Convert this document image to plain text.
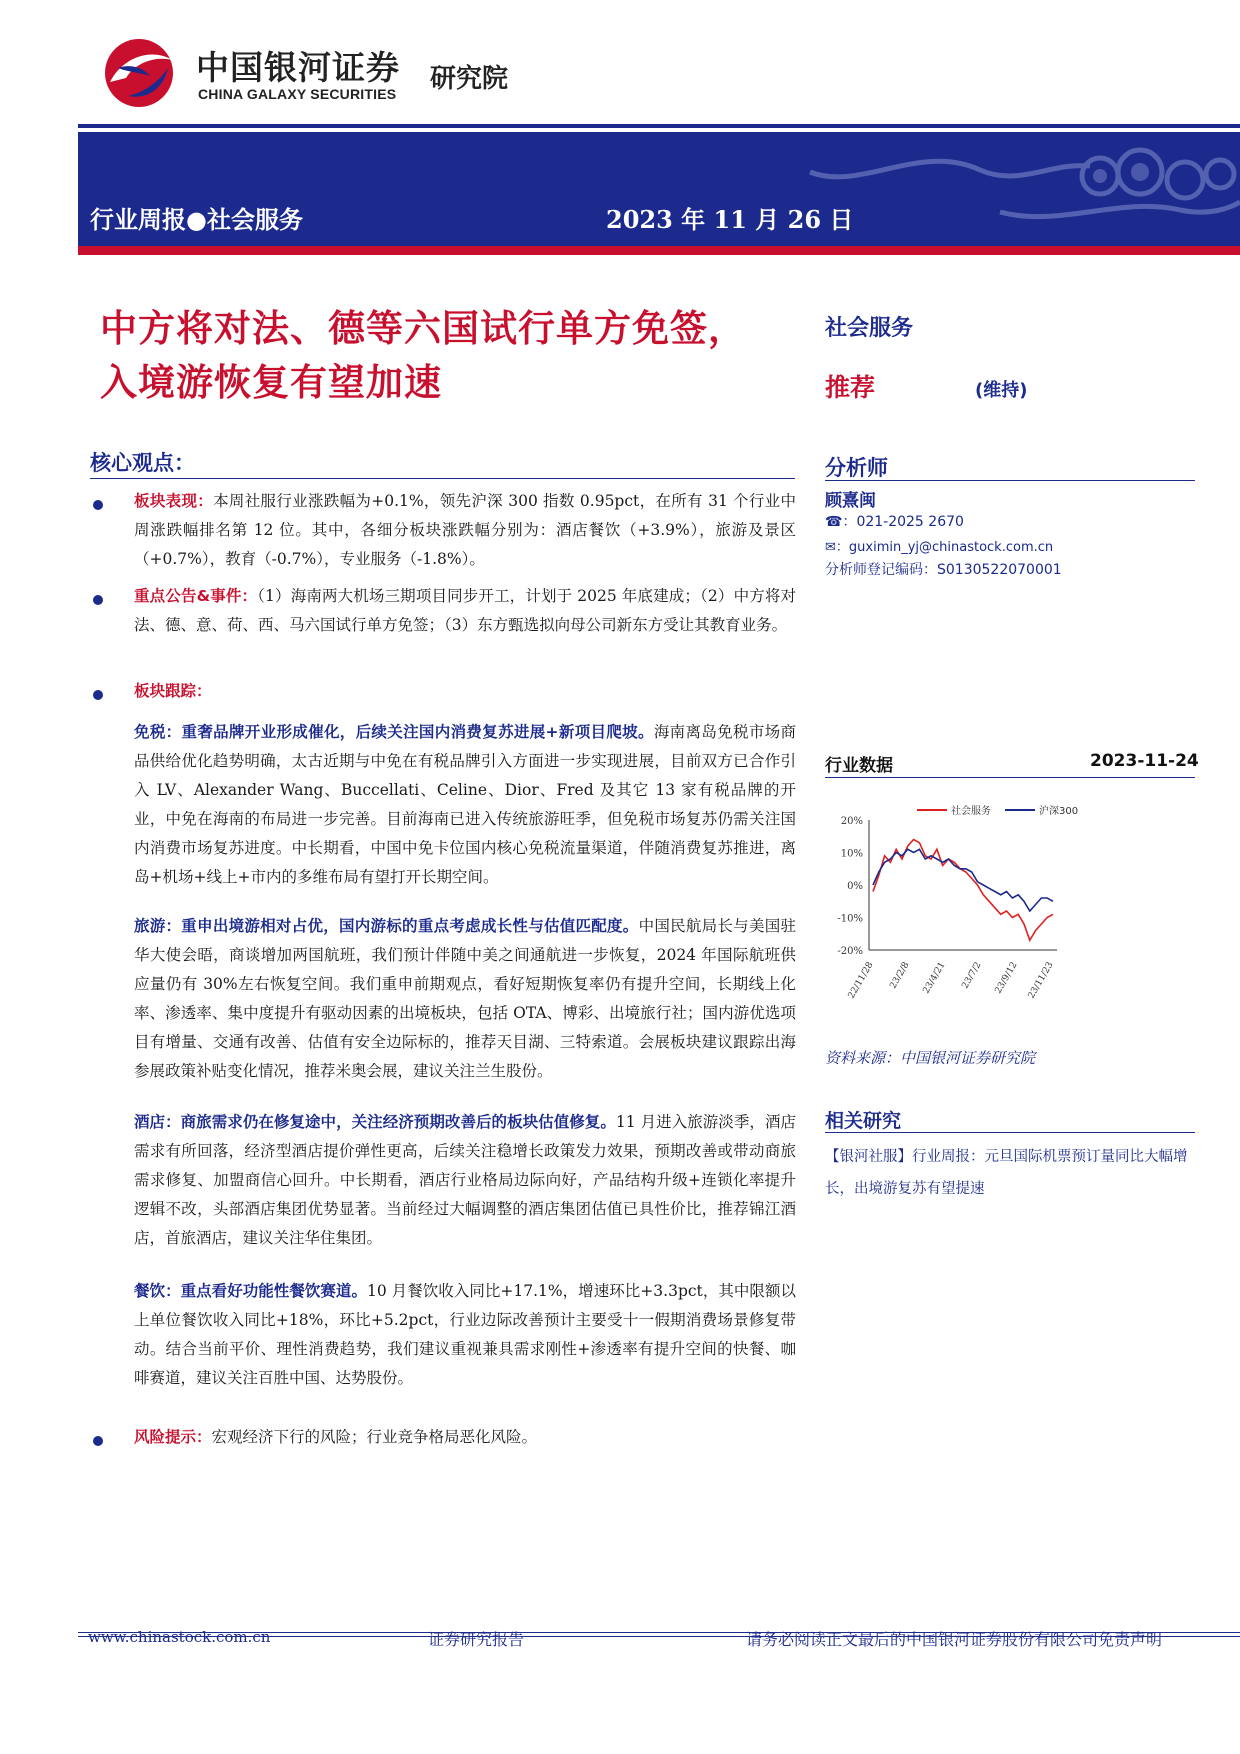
中国银河证券
CHINA GALAXY SECURITIES 研究院
行业周报●社会服务	2023 年 11 月 26 日
中方将对法、德等六国试行单方免签，
入境游恢复有望加速
社会服务
推荐	(维持)
分析师
顾熹闽
☎：021-2025 2670
✉：guximin_yj@chinastock.com.cn
分析师登记编码：S0130522070001
行业数据	2023-11-24
社会服务	沪深300
20%
10%
0%
-10%
-20%
22/11/28 23/2/8 23/4/21 23/7/2 23/9/12 23/11/23
资料来源：中国银河证券研究院
相关研究
【银河社服】行业周报：元旦国际机票预订量同比大幅增长，出境游复苏有望提速
核心观点：
板块表现：本周社服行业涨跌幅为+0.1%，领先沪深 300 指数 0.95pct，在所有 31 个行业中周涨跌幅排名第 12 位。其中，各细分板块涨跌幅分别为：酒店餐饮（+3.9%），旅游及景区（+0.7%），教育（-0.7%），专业服务（-1.8%）。
重点公告&事件：（1）海南两大机场三期项目同步开工，计划于 2025 年底建成；（2）中方将对法、德、意、荷、西、马六国试行单方免签；（3）东方甄选拟向母公司新东方受让其教育业务。
板块跟踪：
免税：重奢品牌开业形成催化，后续关注国内消费复苏进展+新项目爬坡。海南离岛免税市场商品供给优化趋势明确，太古近期与中免在有税品牌引入方面进一步实现进展，目前双方已合作引入 LV、Alexander Wang、Buccellati、Celine、Dior、Fred 及其它 13 家有税品牌的开业，中免在海南的布局进一步完善。目前海南已进入传统旅游旺季，但免税市场复苏仍需关注国内消费市场复苏进度。中长期看，中国中免卡位国内核心免税流量渠道，伴随消费复苏推进，离岛+机场+线上+市内的多维布局有望打开长期空间。
旅游：重申出境游相对占优，国内游标的重点考虑成长性与估值匹配度。中国民航局长与美国驻华大使会晤，商谈增加两国航班，我们预计伴随中美之间通航进一步恢复，2024 年国际航班供应量仍有 30%左右恢复空间。我们重申前期观点，看好短期恢复率仍有提升空间，长期线上化率、渗透率、集中度提升有驱动因素的出境板块，包括 OTA、博彩、出境旅行社；国内游优选项目有增量、交通有改善、估值有安全边际标的，推荐天目湖、三特索道。会展板块建议跟踪出海参展政策补贴变化情况，推荐米奥会展，建议关注兰生股份。
酒店：商旅需求仍在修复途中，关注经济预期改善后的板块估值修复。11 月进入旅游淡季，酒店需求有所回落，经济型酒店提价弹性更高，后续关注稳增长政策发力效果，预期改善或带动商旅需求修复、加盟商信心回升。中长期看，酒店行业格局边际向好，产品结构升级+连锁化率提升逻辑不改，头部酒店集团优势显著。当前经过大幅调整的酒店集团估值已具性价比，推荐锦江酒店，首旅酒店，建议关注华住集团。
餐饮：重点看好功能性餐饮赛道。10 月餐饮收入同比+17.1%，增速环比+3.3pct，其中限额以上单位餐饮收入同比+18%，环比+5.2pct，行业边际改善预计主要受十一假期消费场景修复带动。结合当前平价、理性消费趋势，我们建议重视兼具需求刚性+渗透率有提升空间的快餐、咖啡赛道，建议关注百胜中国、达势股份。
风险提示：宏观经济下行的风险；行业竞争格局恶化风险。
www.chinastock.com.cn	证券研究报告	请务必阅读正文最后的中国银河证券股份有限公司免责声明
